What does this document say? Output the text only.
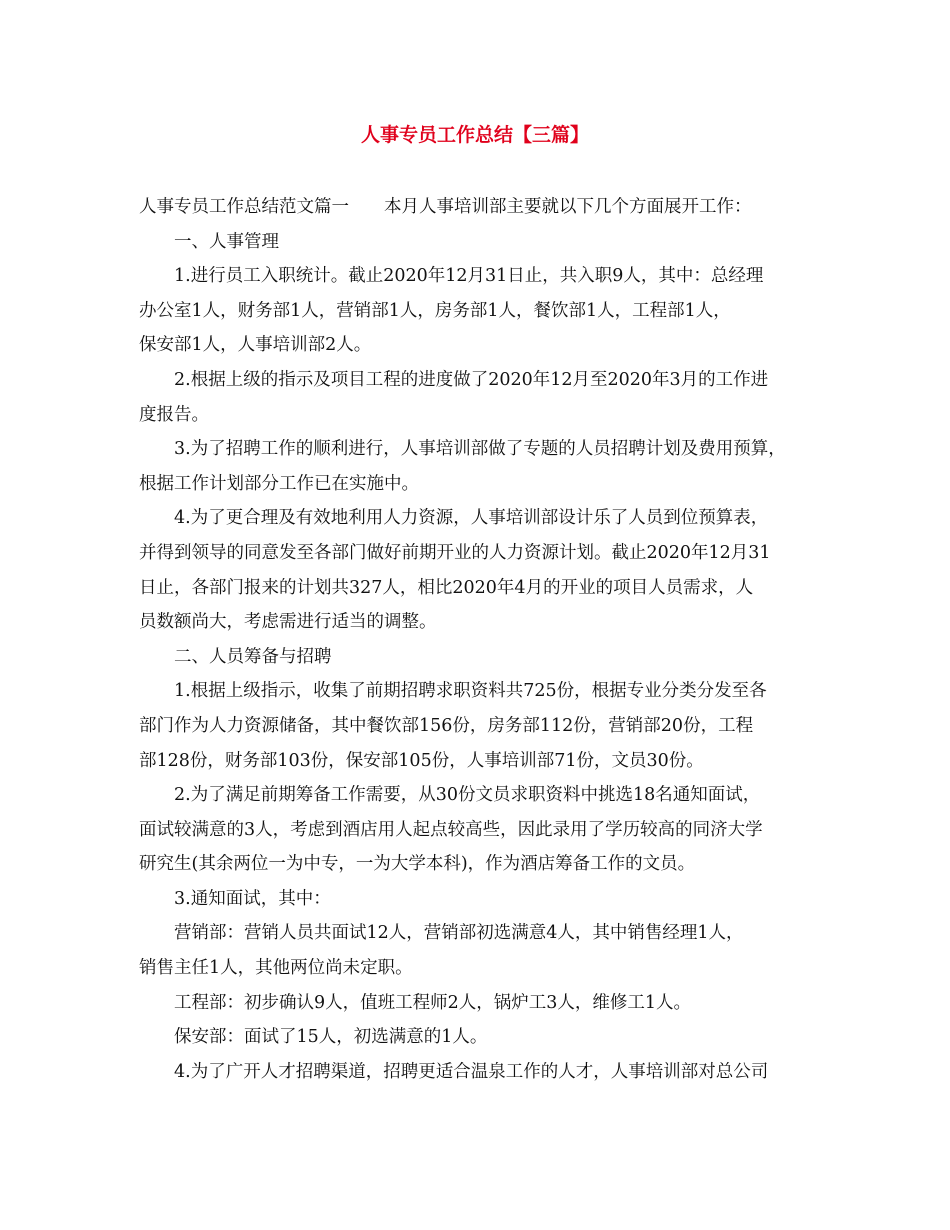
人事专员工作总结【三篇】
人事专员工作总结范文篇一　　本月人事培训部主要就以下几个方面展开工作：
一、人事管理
1.进行员工入职统计。截止2020年12月31日止，共入职9人，其中：总经理
办公室1人，财务部1人，营销部1人，房务部1人，餐饮部1人，工程部1人，
保安部1人，人事培训部2人。
2.根据上级的指示及项目工程的进度做了2020年12月至2020年3月的工作进
度报告。
3.为了招聘工作的顺利进行，人事培训部做了专题的人员招聘计划及费用预算，
根据工作计划部分工作已在实施中。
4.为了更合理及有效地利用人力资源，人事培训部设计乐了人员到位预算表，
并得到领导的同意发至各部门做好前期开业的人力资源计划。截止2020年12月31
日止，各部门报来的计划共327人，相比2020年4月的开业的项目人员需求，人
员数额尚大，考虑需进行适当的调整。
二、人员筹备与招聘
1.根据上级指示，收集了前期招聘求职资料共725份，根据专业分类分发至各
部门作为人力资源储备，其中餐饮部156份，房务部112份，营销部20份，工程
部128份，财务部103份，保安部105份，人事培训部71份，文员30份。
2.为了满足前期筹备工作需要，从30份文员求职资料中挑选18名通知面试，
面试较满意的3人，考虑到酒店用人起点较高些，因此录用了学历较高的同济大学
研究生(其余两位一为中专，一为大学本科)，作为酒店筹备工作的文员。
3.通知面试，其中：
营销部：营销人员共面试12人，营销部初选满意4人，其中销售经理1人，
销售主任1人，其他两位尚未定职。
工程部：初步确认9人，值班工程师2人，锅炉工3人，维修工1人。
保安部：面试了15人，初选满意的1人。
4.为了广开人才招聘渠道，招聘更适合温泉工作的人才，人事培训部对总公司
